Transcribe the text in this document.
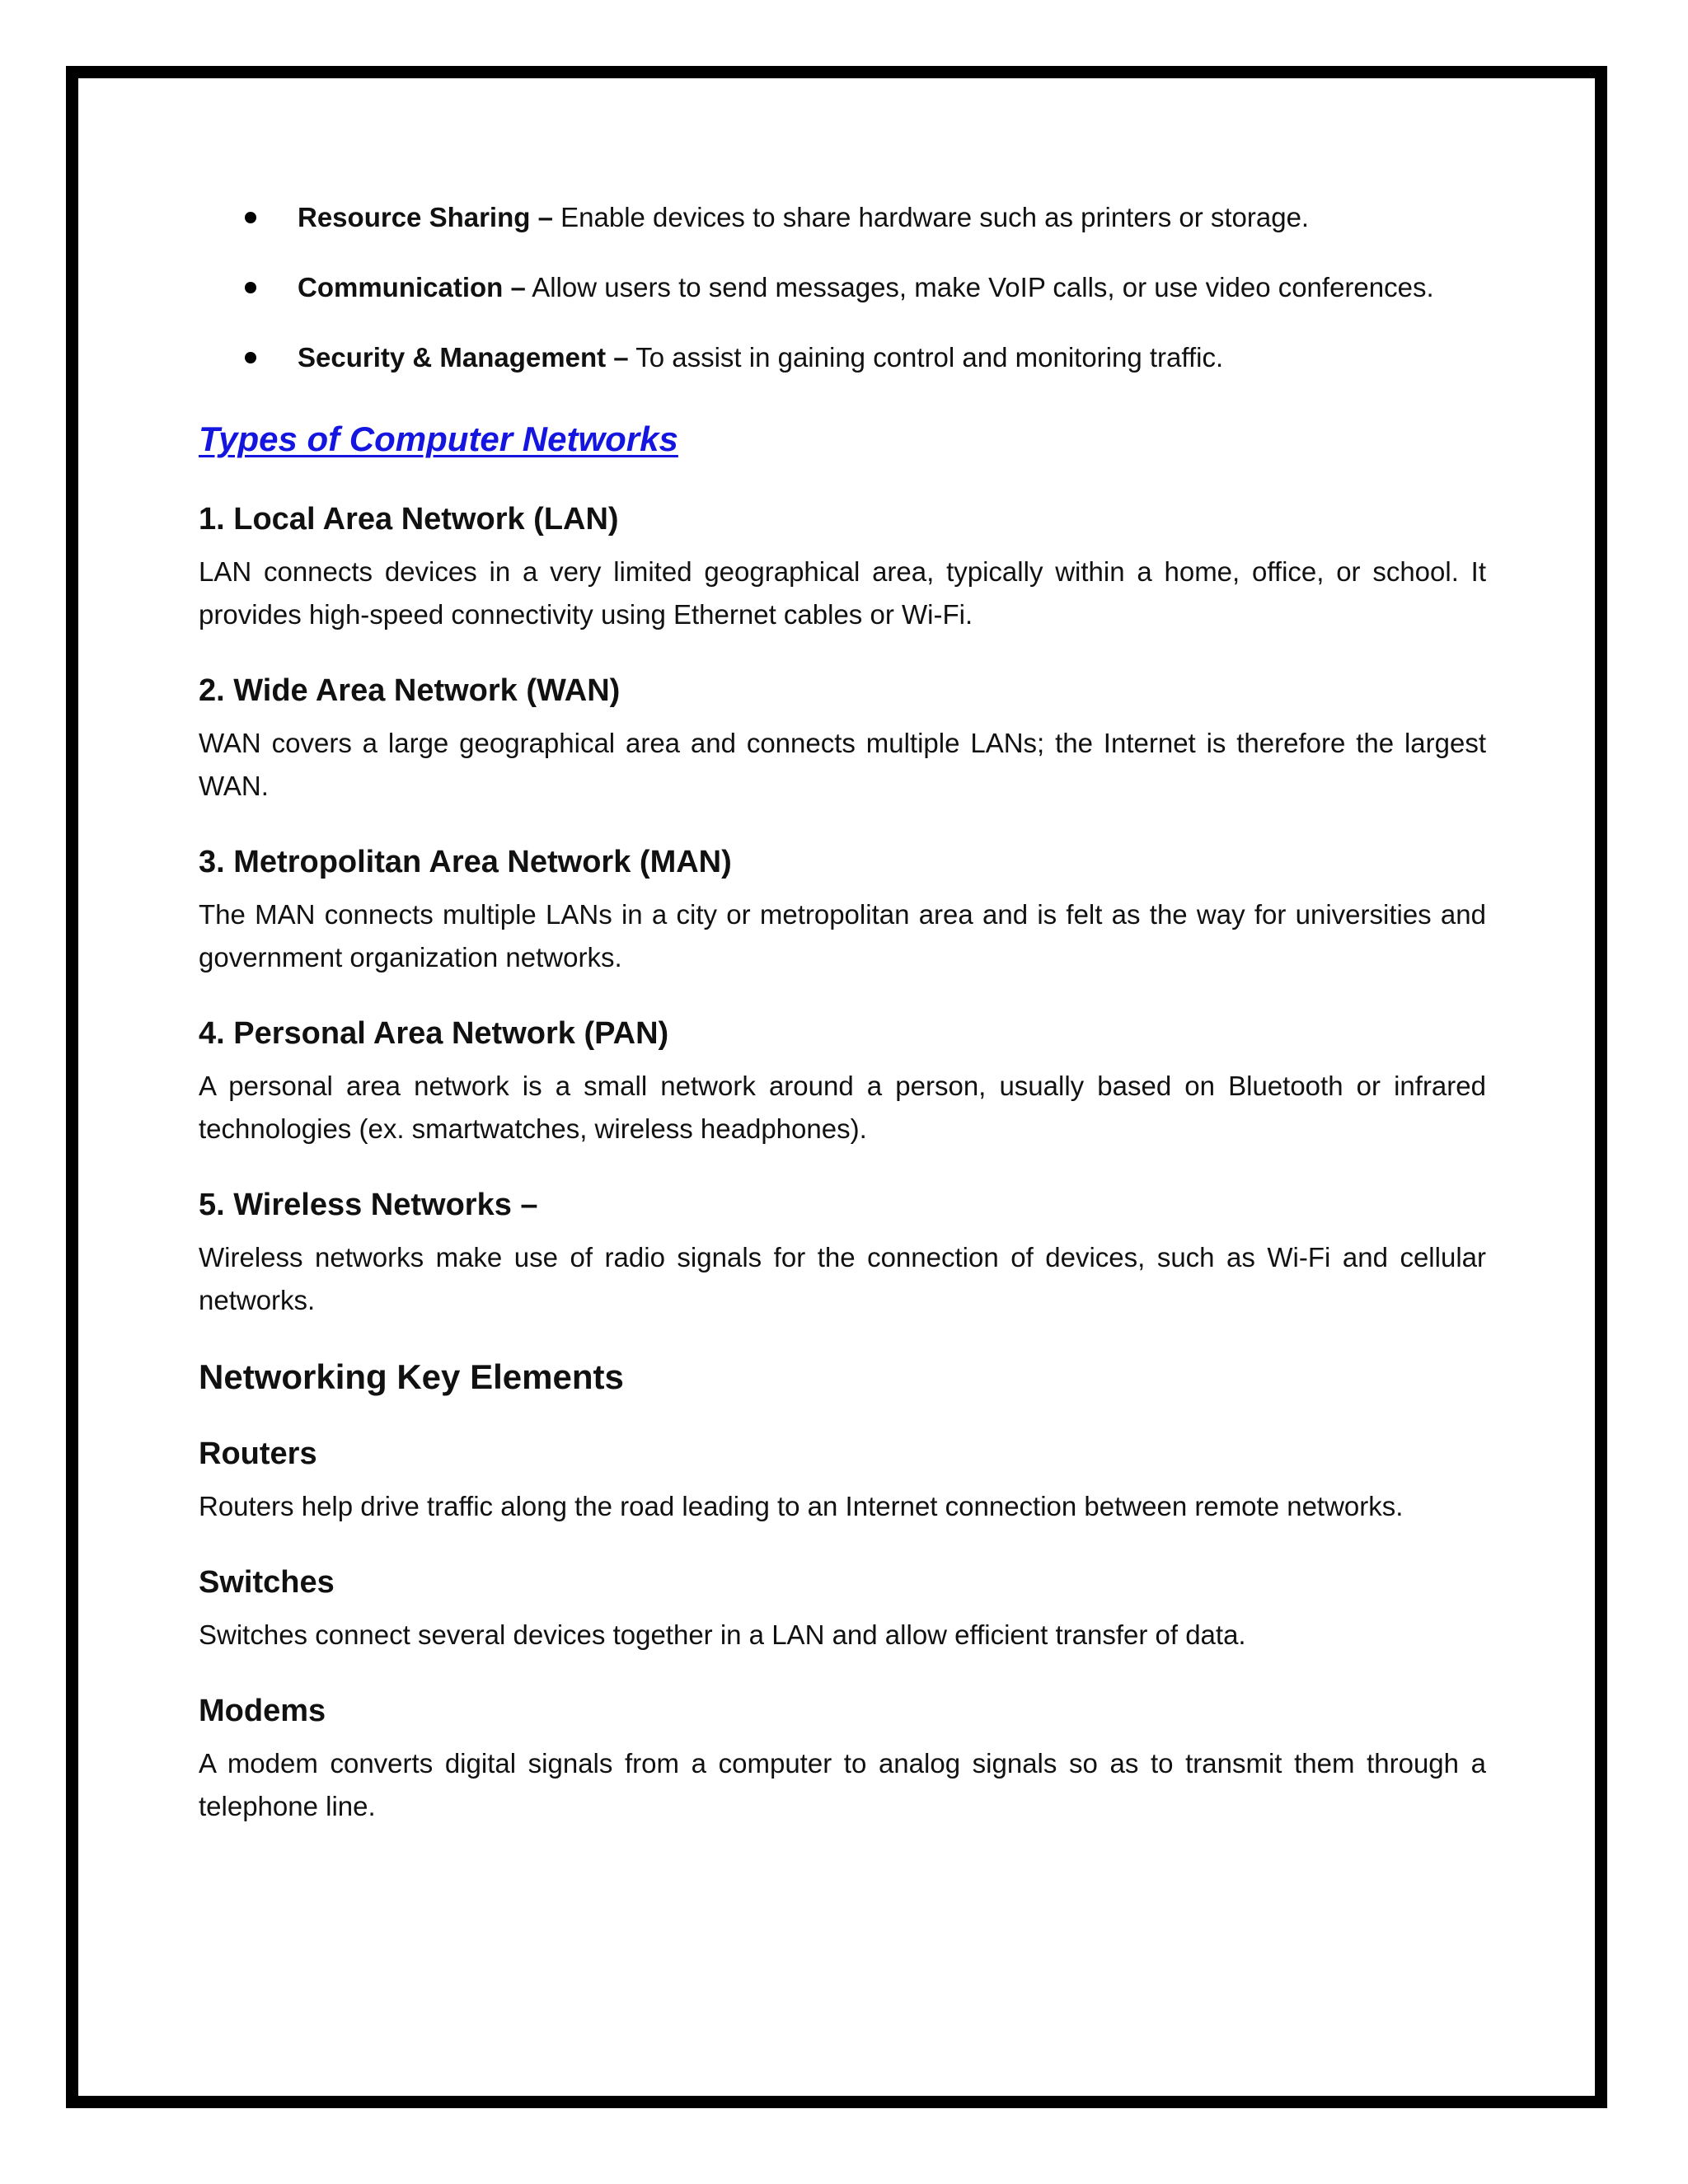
Resource Sharing – Enable devices to share hardware such as printers or storage.
Communication – Allow users to send messages, make VoIP calls, or use video conferences.
Security & Management – To assist in gaining control and monitoring traffic.
Types of Computer Networks
1. Local Area Network (LAN)

LAN connects devices in a very limited geographical area, typically within a home, office, or school. It provides high-speed connectivity using Ethernet cables or Wi-Fi.

2. Wide Area Network (WAN)

WAN covers a large geographical area and connects multiple LANs; the Internet is therefore the largest WAN.

3. Metropolitan Area Network (MAN)

The MAN connects multiple LANs in a city or metropolitan area and is felt as the way for universities and government organization networks.

4. Personal Area Network (PAN)

A personal area network is a small network around a person, usually based on Bluetooth or infrared technologies (ex. smartwatches, wireless headphones).

5. Wireless Networks –

Wireless networks make use of radio signals for the connection of devices, such as Wi-Fi and cellular networks.

Networking Key Elements
Routers

Routers help drive traffic along the road leading to an Internet connection between remote networks.

Switches

Switches connect several devices together in a LAN and allow efficient transfer of data.

Modems

A modem converts digital signals from a computer to analog signals so as to transmit them through a telephone line.
